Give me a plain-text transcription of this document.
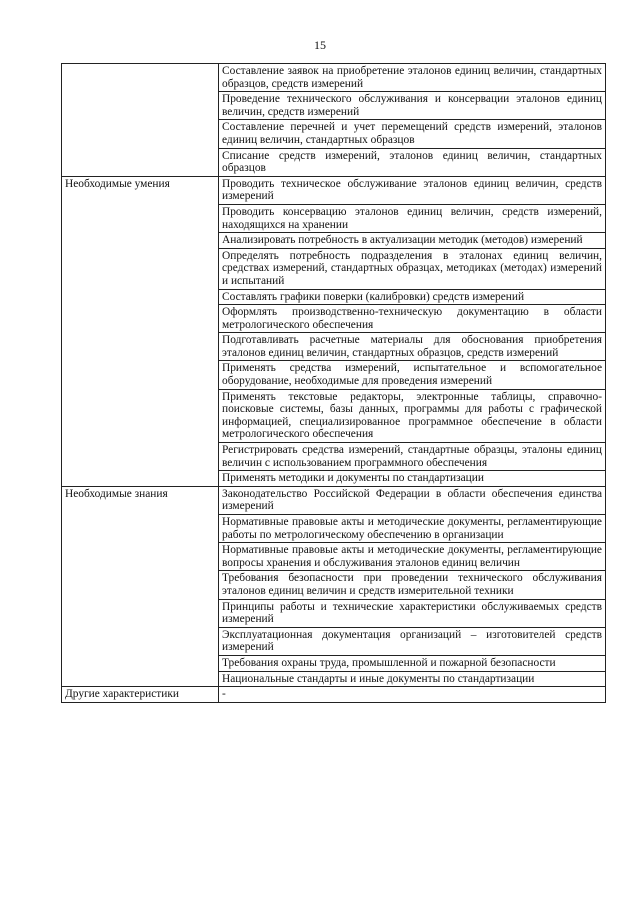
15
	Составление заявок на приобретение эталонов единиц величин, стандартных образцов, средств измерений
	Проведение технического обслуживания и консервации эталонов единиц величин, средств измерений
	Составление перечней и учет перемещений средств измерений, эталонов единиц величин, стандартных образцов
	Списание средств измерений, эталонов единиц величин, стандартных образцов
Необходимые умения	Проводить техническое обслуживание эталонов единиц величин, средств измерений
	Проводить консервацию эталонов единиц величин, средств измерений, находящихся на хранении
	Анализировать потребность в актуализации методик (методов) измерений
	Определять потребность подразделения в эталонах единиц величин, средствах измерений, стандартных образцах, методиках (методах) измерений и испытаний
	Составлять графики поверки (калибровки) средств измерений
	Оформлять производственно-техническую документацию в области метрологического обеспечения
	Подготавливать расчетные материалы для обоснования приобретения эталонов единиц величин, стандартных образцов, средств измерений
	Применять средства измерений, испытательное и вспомогательное оборудование, необходимые для проведения измерений
	Применять текстовые редакторы, электронные таблицы, справочно-поисковые системы, базы данных, программы для работы с графической информацией, специализированное программное обеспечение в области метрологического обеспечения
	Регистрировать средства измерений, стандартные образцы, эталоны единиц величин с использованием программного обеспечения
	Применять методики и документы по стандартизации
Необходимые знания	Законодательство Российской Федерации в области обеспечения единства измерений
	Нормативные правовые акты и методические документы, регламентирующие работы по метрологическому обеспечению в организации
	Нормативные правовые акты и методические документы, регламентирующие вопросы хранения и обслуживания эталонов единиц величин
	Требования безопасности при проведении технического обслуживания эталонов единиц величин и средств измерительной техники
	Принципы работы и технические характеристики обслуживаемых средств измерений
	Эксплуатационная документация организаций – изготовителей средств измерений
	Требования охраны труда, промышленной и пожарной безопасности
	Национальные стандарты и иные документы по стандартизации
Другие характеристики	-
